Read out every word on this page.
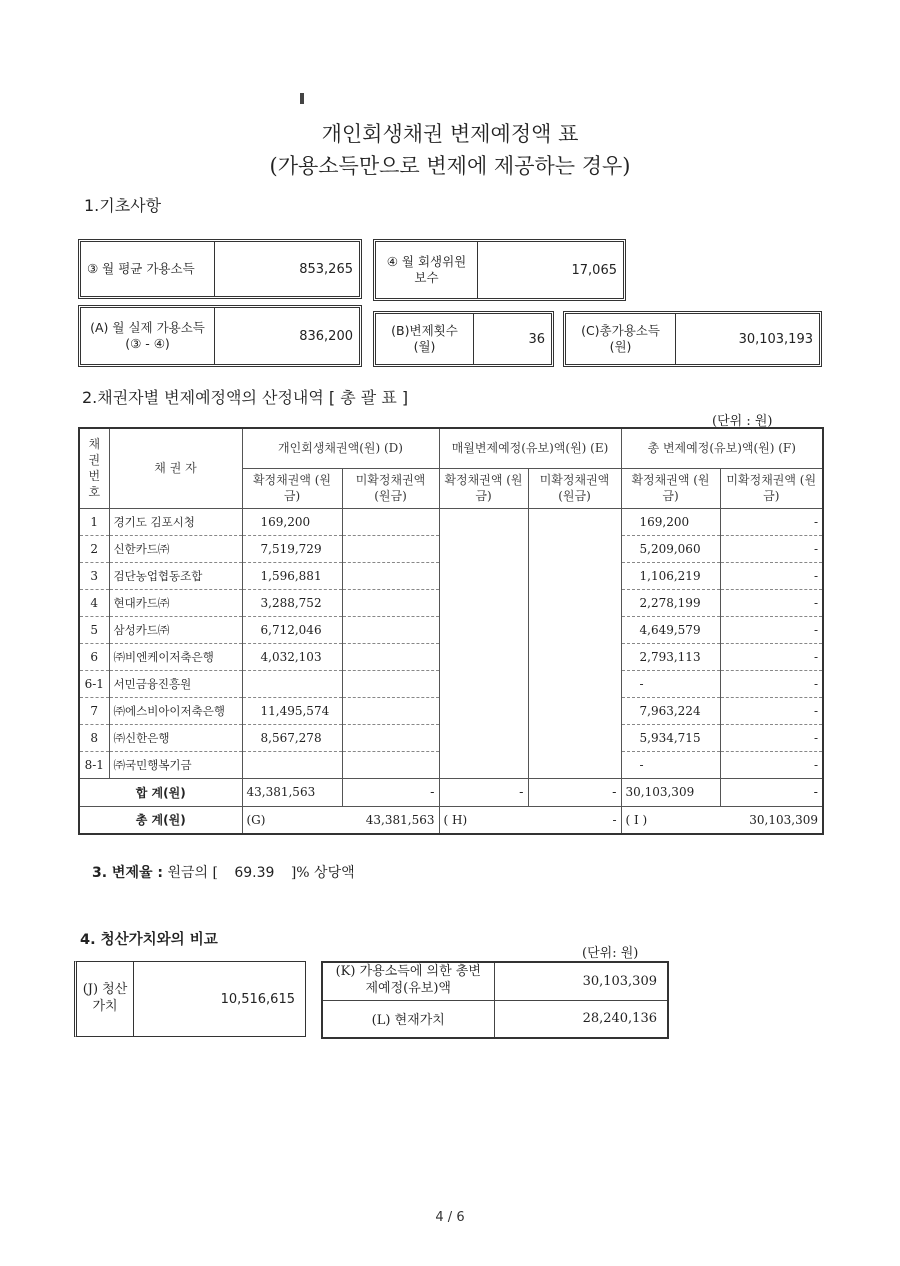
개인회생채권 변제예정액 표
(가용소득만으로 변제에 제공하는 경우)
1.기초사항
③ 월 평균 가용소득	853,265
④ 월 회생위원 보수	17,065
(A) 월 실제 가용소득 (③ - ④)	836,200	(B)변제횟수 (월)	36
(C)총가용소득 (원)	30,103,193
2.채권자별 변제예정액의 산정내역 [ 총 괄 표 ]
(단위 : 원)
채권 번호	채 권 자	개인회생채권액(원) (D)		매월변제예정(유보)액(원) (E)		총 변제예정(유보)액(원) (F)	
		확정채권액 (원금)	미확정채권액 (원금)	확정채권액 (원금)	미확정채권액 (원금)	확정채권액 (원금)	미확정채권액 (원금)
1	경기도 김포시청	169,200				169,200	-
2	신한카드㈜	7,519,729				5,209,060	-
3	검단농업협동조합	1,596,881				1,106,219	-
4	현대카드㈜	3,288,752				2,278,199	-
5	삼성카드㈜	6,712,046				4,649,579	-
6	㈜비엔케이저축은행	4,032,103				2,793,113	-
6-1	서민금융진흥원					-	-
7	㈜에스비아이저축은행	11,495,574				7,963,224	-
8	㈜신한은행	8,567,278				5,934,715	-
8-1	㈜국민행복기금					-	-
합 계(원)		43,381,563	-	-	-	30,103,309	-
총 계(원)		(G) 43,381,563		( H) -		( I ) 30,103,309	
3. 변제율 : 원금의 [ 69.39 ]% 상당액
4. 청산가치와의 비교
(단위: 원)
(J) 청산 가치	10,516,615
(K) 가용소득에 의한 총변제예정(유보)액	30,103,309
(L) 현재가치	28,240,136
4 / 6
